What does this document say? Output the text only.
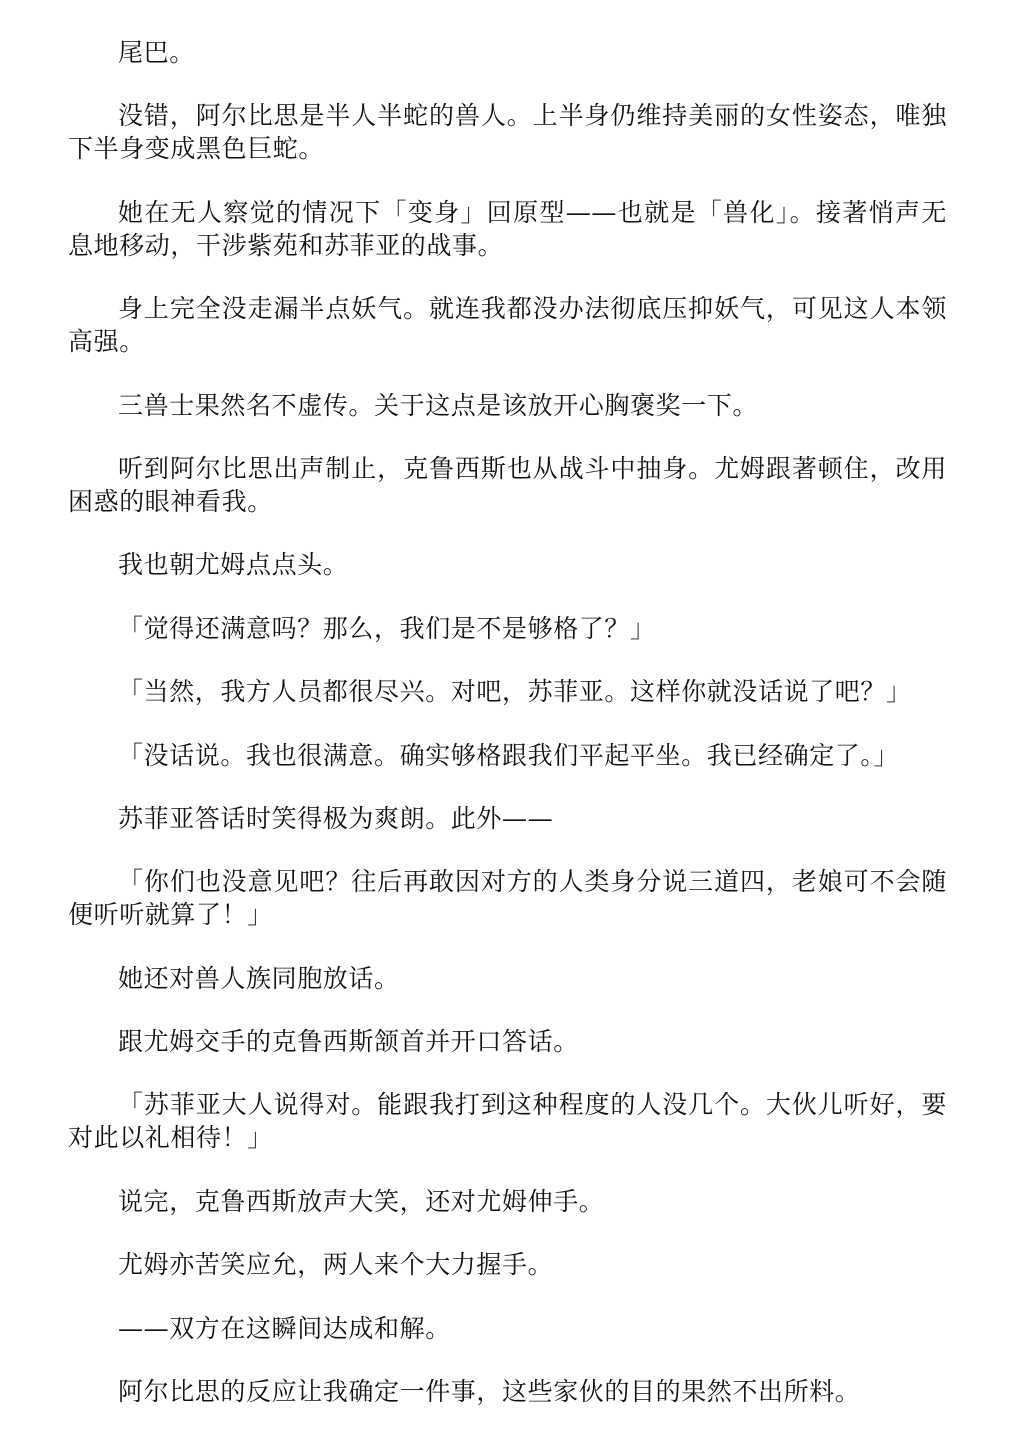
尾巴。

没错，阿尔比思是半人半蛇的兽人。上半身仍维持美丽的女性姿态，唯独下半身变成黑色巨蛇。

她在无人察觉的情况下「变身」回原型——也就是「兽化」。接著悄声无息地移动，干涉紫苑和苏菲亚的战事。

身上完全没走漏半点妖气。就连我都没办法彻底压抑妖气，可见这人本领高强。

三兽士果然名不虚传。关于这点是该放开心胸褒奖一下。

听到阿尔比思出声制止，克鲁西斯也从战斗中抽身。尤姆跟著顿住，改用困惑的眼神看我。

我也朝尤姆点点头。

「觉得还满意吗？那么，我们是不是够格了？」

「当然，我方人员都很尽兴。对吧，苏菲亚。这样你就没话说了吧？」

「没话说。我也很满意。确实够格跟我们平起平坐。我已经确定了。」

苏菲亚答话时笑得极为爽朗。此外——

「你们也没意见吧？往后再敢因对方的人类身分说三道四，老娘可不会随便听听就算了！」

她还对兽人族同胞放话。

跟尤姆交手的克鲁西斯颔首并开口答话。

「苏菲亚大人说得对。能跟我打到这种程度的人没几个。大伙儿听好，要对此以礼相待！」

说完，克鲁西斯放声大笑，还对尤姆伸手。

尤姆亦苦笑应允，两人来个大力握手。

——双方在这瞬间达成和解。

阿尔比思的反应让我确定一件事，这些家伙的目的果然不出所料。
